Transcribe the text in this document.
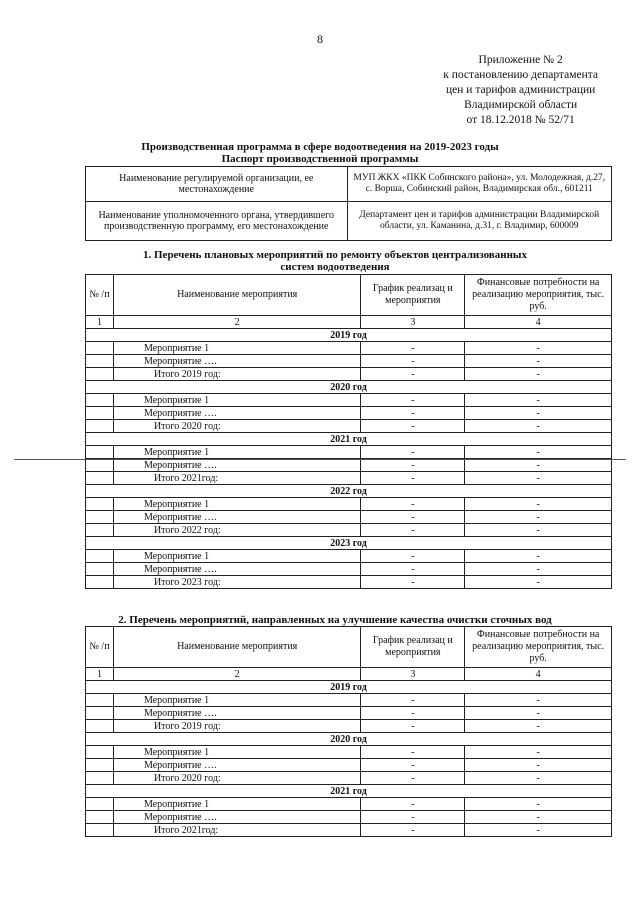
8
Приложение № 2
к постановлению департамента
цен и тарифов администрации
Владимирской области
от 18.12.2018 № 52/71
Производственная программа в сфере водоотведения на 2019-2023 годы
Паспорт производственной программы
Наименование регулируемой организации, ее местонахождение	МУП ЖКХ «ПКК Собинского района», ул. Молодежная, д.27, с. Ворша, Собинский район, Владимирская обл., 601211
Наименование уполномоченного органа, утвердившего производственную программу, его местонахождение	Департамент цен и тарифов администрации Владимирской области, ул. Каманина, д.31, г. Владимир, 600009
1. Перечень плановых мероприятий по ремонту объектов централизованных
систем водоотведения
№ /п	Наименование мероприятия	График реализац и мероприятия	Финансовые потребности на реализацию мероприятия, тыс. руб.
1	2	3	4
2019 год			
	Мероприятие 1	-	-
	Мероприятие ….	-	-
	Итого 2019 год:	-	-
2020 год			
	Мероприятие 1	-	-
	Мероприятие ….	-	-
	Итого 2020 год:	-	-
2021 год			
	Мероприятие 1	-	-
	Мероприятие ….	-	-
	Итого 2021год:	-	-
2022 год			
	Мероприятие 1	-	-
	Мероприятие ….	-	-
	Итого 2022 год:	-	-
2023 год			
	Мероприятие 1	-	-
	Мероприятие ….	-	-
	Итого 2023 год:	-	-
2. Перечень мероприятий, направленных на улучшение качества очистки сточных вод
№ /п	Наименование мероприятия	График реализац и мероприятия	Финансовые потребности на реализацию мероприятия, тыс. руб.
1	2	3	4
2019 год			
	Мероприятие 1	-	-
	Мероприятие ….	-	-
	Итого 2019 год:	-	-
2020 год			
	Мероприятие 1	-	-
	Мероприятие ….	-	-
	Итого 2020 год:	-	-
2021 год			
	Мероприятие 1	-	-
	Мероприятие ….	-	-
	Итого 2021год:	-	-
